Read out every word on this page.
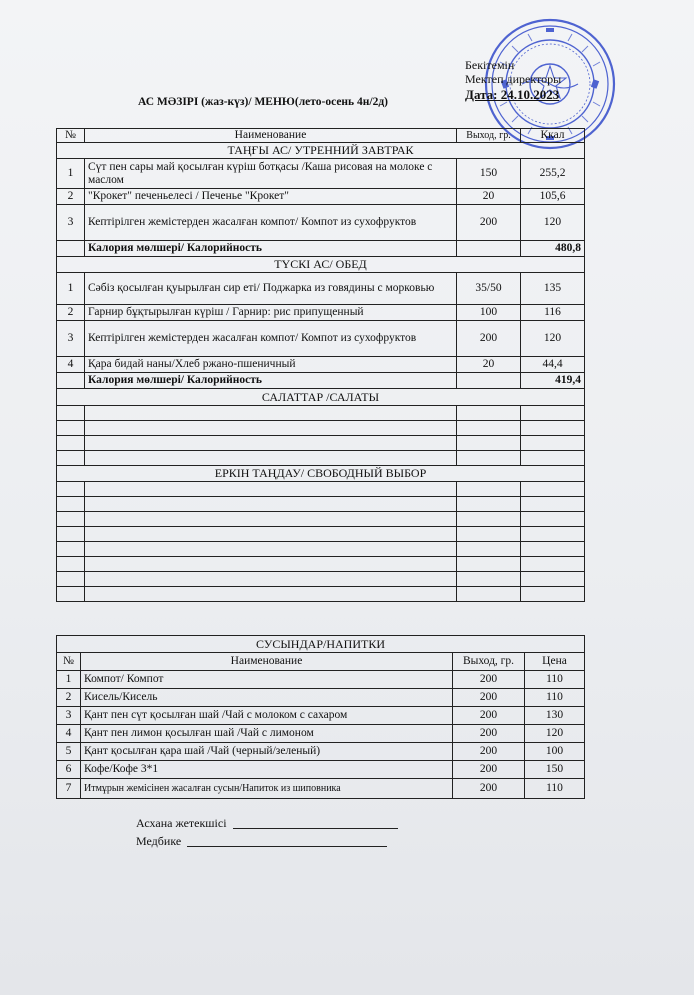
Бекітемін
Мектеп директоры
Дата: 24.10.2023
АС МӘЗІРІ (жаз-күз)/ МЕНЮ(лето-осень 4н/2д)
№	Наименование	Выход, гр.	Ккал
ТАҢҒЫ АС/ УТРЕННИЙ ЗАВТРАК			
1	Сүт пен сары май қосылған күріш ботқасы /Каша рисовая на молоке с маслом	150	255,2
2	"Крокет" печеньелесі / Печенье "Крокет"	20	105,6
3	Кептірілген жемістерден жасалған компот/ Компот из сухофруктов	200	120
	Калория мөлшері/ Калорийность		480,8
ТҮСКІ АС/ ОБЕД			
1	Сәбіз қосылған қуырылған сир еті/ Поджарка из говядины с морковью	35/50	135
2	Гарнир бұқтырылған күріш / Гарнир: рис припущенный	100	116
3	Кептірілген жемістерден жасалған компот/ Компот из сухофруктов	200	120
4	Қара бидай наны/Хлеб ржано-пшеничный	20	44,4
	Калория мөлшері/ Калорийность		419,4
САЛАТТАР /САЛАТЫ			

ЕРКІН ТАҢДАУ/ СВОБОДНЫЙ ВЫБОР			

СУСЫНДАР/НАПИТКИ			
№	Наименование	Выход, гр.	Цена
1	Компот/ Компот	200	110
2	Кисель/Кисель	200	110
3	Қант пен сүт қосылған шай /Чай с молоком с сахаром	200	130
4	Қант пен лимон қосылған шай /Чай с лимоном	200	120
5	Қант қосылған қара шай /Чай (черный/зеленый)	200	100
6	Кофе/Кофе 3*1	200	150
7	Итмұрын жемісінен жасалған сусын/Напиток из шиповника	200	110
Асхана жетекшісі
Медбике
